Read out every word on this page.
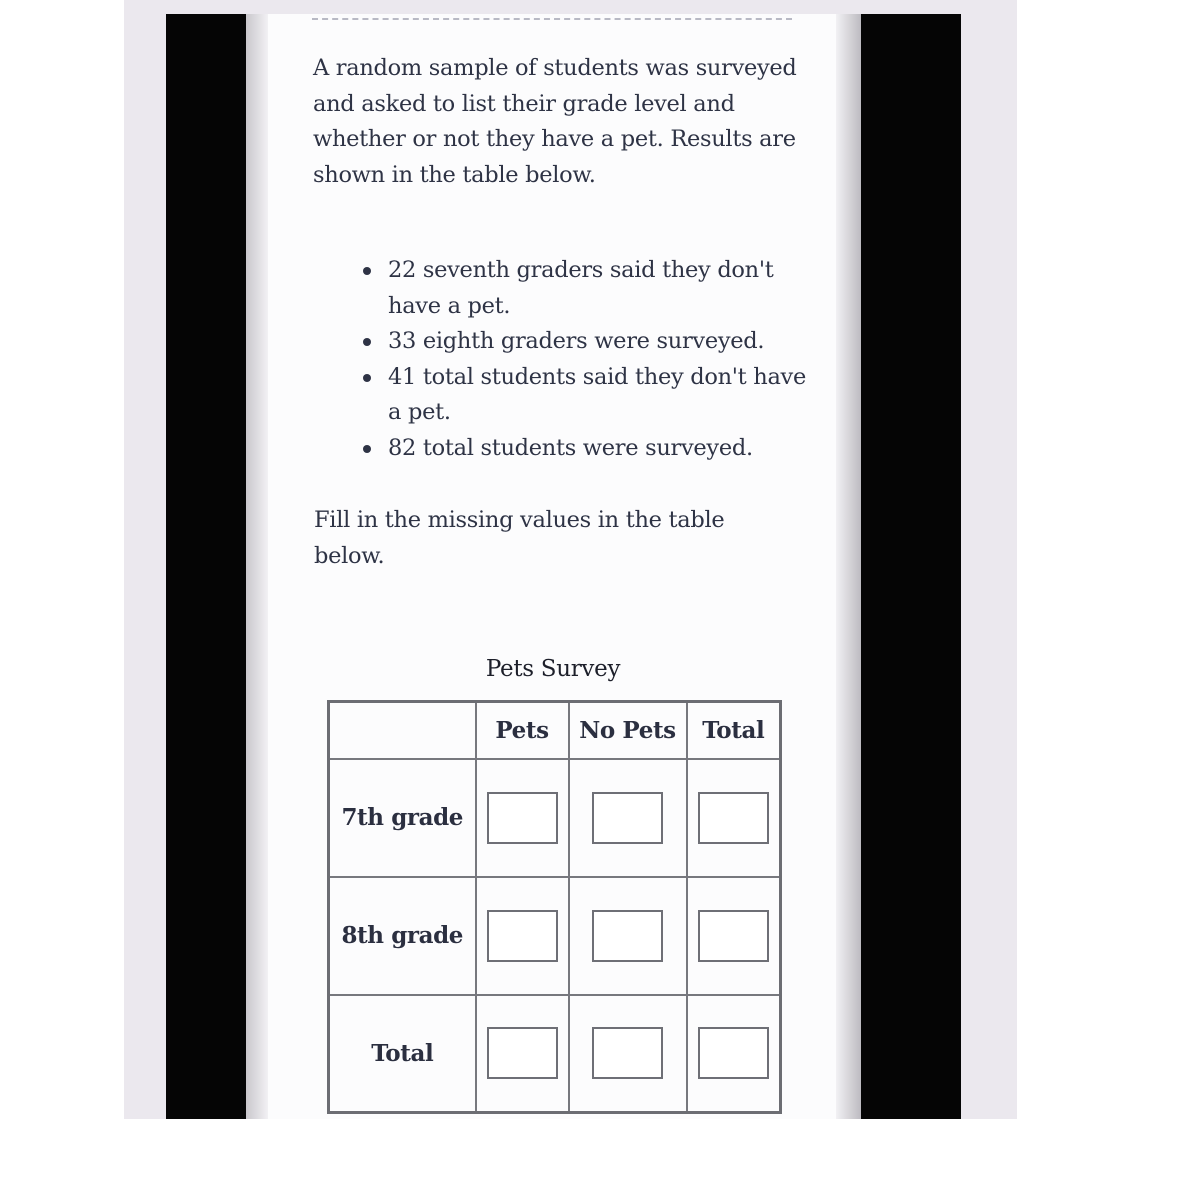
A random sample of students was surveyed and asked to list their grade level and whether or not they have a pet. Results are shown in the table below.
22 seventh graders said they don't have a pet.
33 eighth graders were surveyed.
41 total students said they don't have a pet.
82 total students were surveyed.
Fill in the missing values in the table below.
Pets Survey
	Pets	No Pets	Total
7th grade			
8th grade			
Total			
